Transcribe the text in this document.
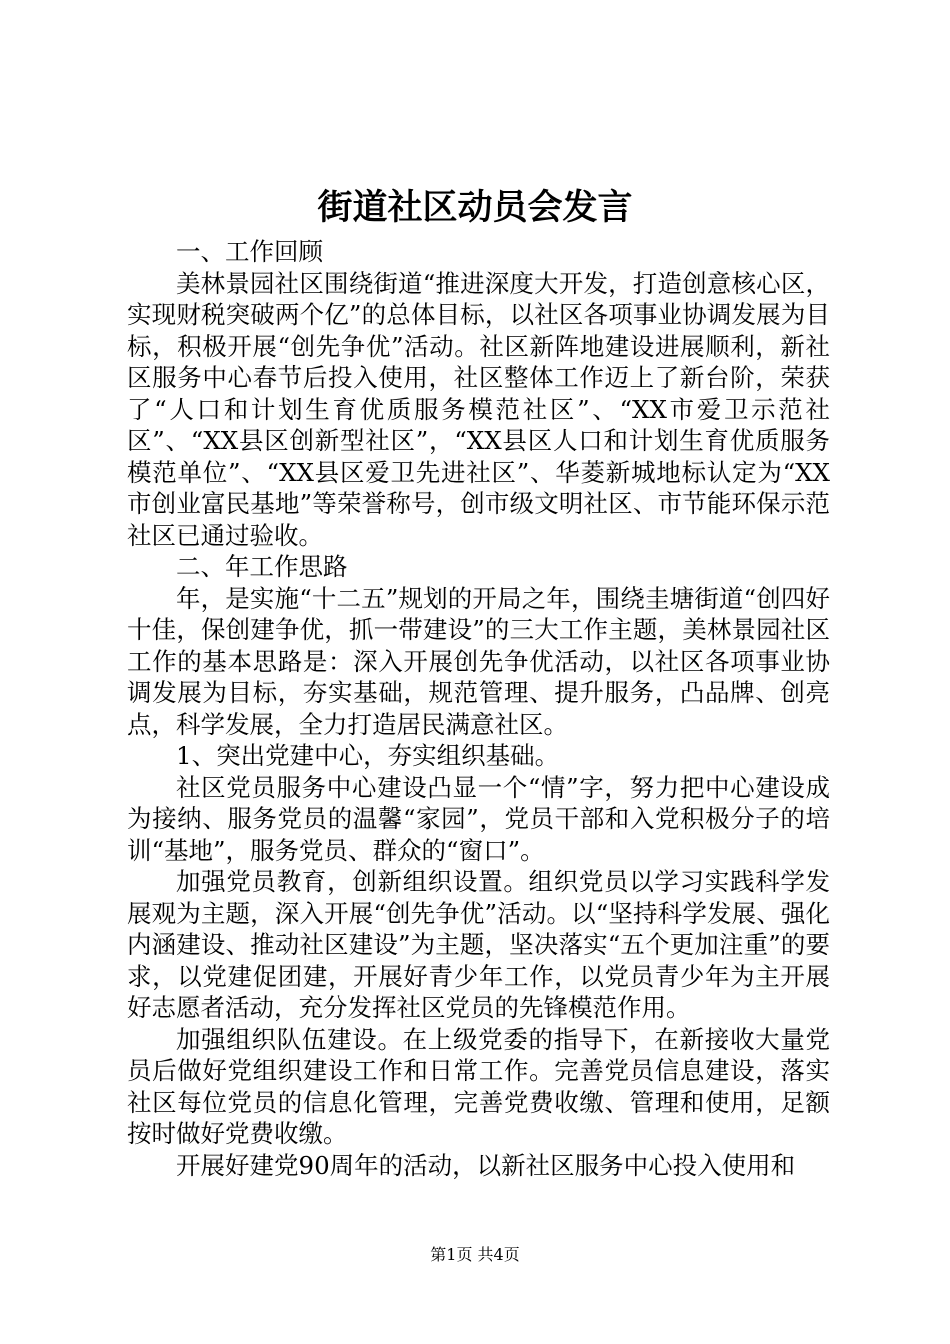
街道社区动员会发言

一、工作回顾

美林景园社区围绕街道“推进深度大开发，打造创意核心区，实现财税突破两个亿”的总体目标，以社区各项事业协调发展为目标，积极开展“创先争优”活动。社区新阵地建设进展顺利，新社区服务中心春节后投入使用，社区整体工作迈上了新台阶，荣获了“人口和计划生育优质服务模范社区”、“XX市爱卫示范社区”、“XX县区创新型社区”，“XX县区人口和计划生育优质服务模范单位”、“XX县区爱卫先进社区”、华菱新城地标认定为“XX市创业富民基地”等荣誉称号，创市级文明社区、市节能环保示范社区已通过验收。

二、年工作思路

年，是实施“十二五”规划的开局之年，围绕圭塘街道“创四好十佳，保创建争优，抓一带建设”的三大工作主题，美林景园社区工作的基本思路是：深入开展创先争优活动，以社区各项事业协调发展为目标，夯实基础，规范管理、提升服务，凸品牌、创亮点，科学发展，全力打造居民满意社区。

1、突出党建中心，夯实组织基础。

社区党员服务中心建设凸显一个“情”字，努力把中心建设成为接纳、服务党员的温馨“家园”，党员干部和入党积极分子的培训“基地”，服务党员、群众的“窗口”。

加强党员教育，创新组织设置。组织党员以学习实践科学发展观为主题，深入开展“创先争优”活动。以“坚持科学发展、强化内涵建设、推动社区建设”为主题，坚决落实“五个更加注重”的要求，以党建促团建，开展好青少年工作，以党员青少年为主开展好志愿者活动，充分发挥社区党员的先锋模范作用。

加强组织队伍建设。在上级党委的指导下，在新接收大量党员后做好党组织建设工作和日常工作。完善党员信息建设，落实社区每位党员的信息化管理，完善党费收缴、管理和使用，足额按时做好党费收缴。

开展好建党90周年的活动，以新社区服务中心投入使用和

第1页 共4页
